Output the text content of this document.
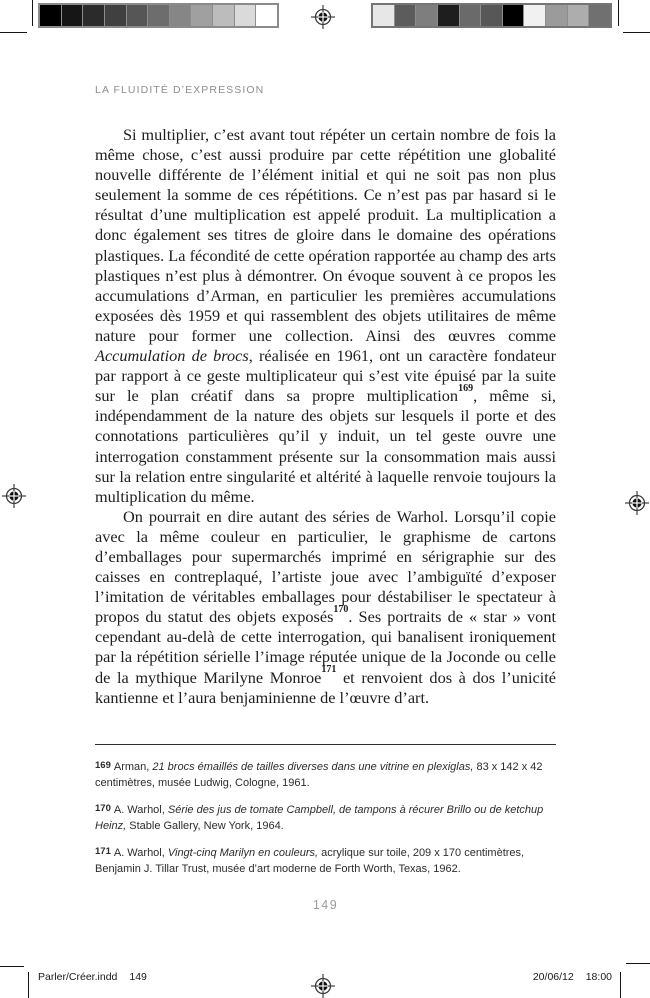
LA FLUIDITÉ D’EXPRESSION

Si multiplier, c’est avant tout répéter un certain nombre de fois la même chose, c’est aussi produire par cette répétition une globalité nouvelle différente de l’élément initial et qui ne soit pas non plus seulement la somme de ces répétitions. Ce n’est pas par hasard si le résultat d’une multiplication est appelé produit. La multiplication a donc également ses titres de gloire dans le domaine des opérations plastiques. La fécondité de cette opération rapportée au champ des arts plastiques n’est plus à démontrer. On évoque souvent à ce propos les accumulations d’Arman, en particulier les premières accumulations exposées dès 1959 et qui rassemblent des objets utilitaires de même nature pour former une collection. Ainsi des œuvres comme Accumulation de brocs, réalisée en 1961, ont un caractère fondateur par rapport à ce geste multiplicateur qui s’est vite épuisé par la suite sur le plan créatif dans sa propre multiplication$^{169}$, même si, indépendamment de la nature des objets sur lesquels il porte et des connotations particulières qu’il y induit, un tel geste ouvre une interrogation constamment présente sur la consommation mais aussi sur la relation entre singularité et altérité à laquelle renvoie toujours la multiplication du même.

On pourrait en dire autant des séries de Warhol. Lorsqu’il copie avec la même couleur en particulier, le graphisme de cartons d’emballages pour supermarchés imprimé en sérigraphie sur des caisses en contreplaqué, l’artiste joue avec l’ambiguïté d’exposer l’imitation de véritables emballages pour déstabiliser le spectateur à propos du statut des objets exposés$^{170}$. Ses portraits de « star » vont cependant au-delà de cette interrogation, qui banalisent ironiquement par la répétition sérielle l’image réputée unique de la Joconde ou celle de la mythique Marilyne Monroe$^{171}$ et renvoient dos à dos l’unicité kantienne et l’aura benjaminienne de l’œuvre d’art.

169 Arman, 21 brocs émaillés de tailles diverses dans une vitrine en plexiglas, 83 x 142 x 42 centimètres, musée Ludwig, Cologne, 1961.

170 A. Warhol, Série des jus de tomate Campbell, de tampons à récurer Brillo ou de ketchup Heinz, Stable Gallery, New York, 1964.

171 A. Warhol, Vingt-cinq Marilyn en couleurs, acrylique sur toile, 209 x 170 centimètres, Benjamin J. Tillar Trust, musée d’art moderne de Forth Worth, Texas, 1962.

149
Parler/Créer.indd 149	20/06/12 18:00
